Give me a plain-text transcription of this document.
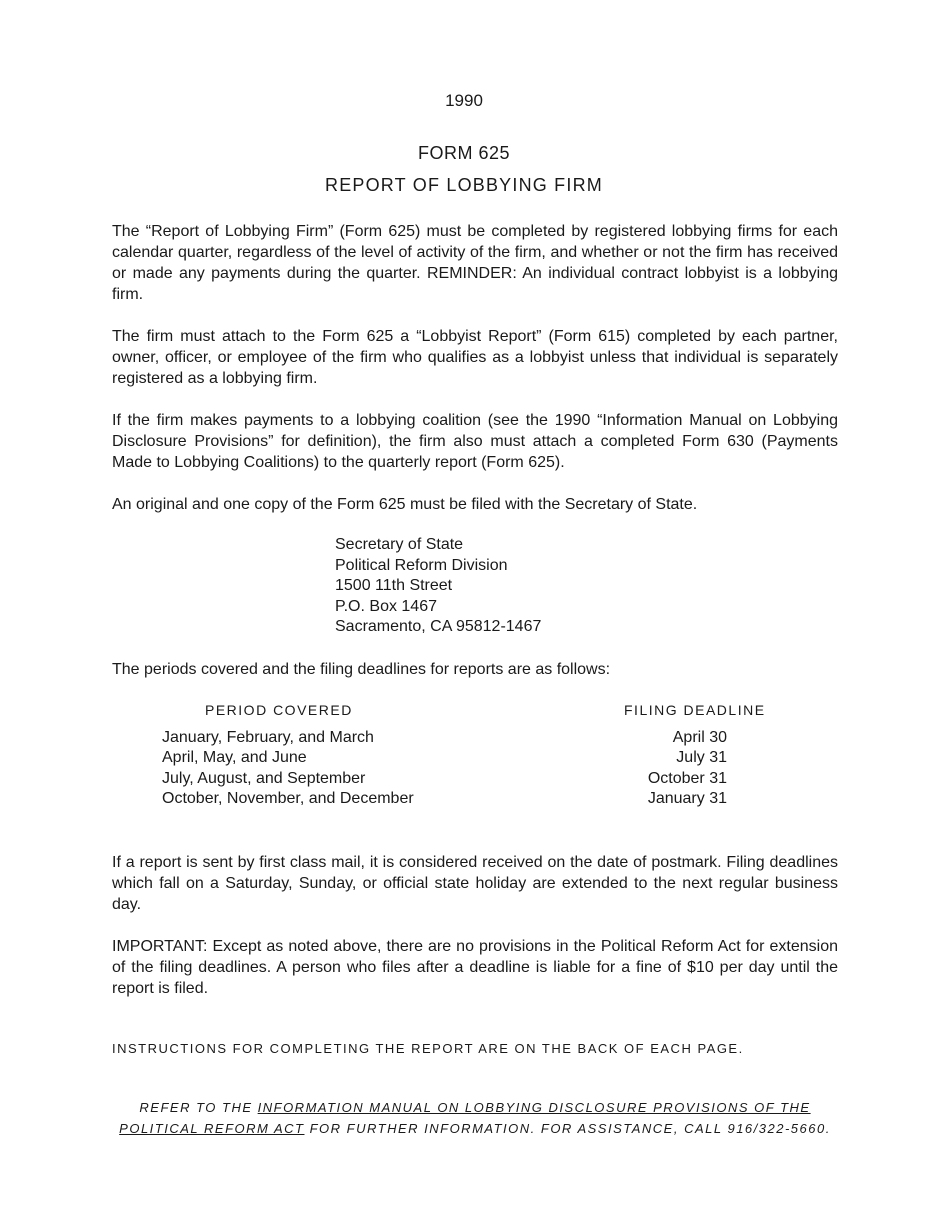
1990
FORM 625
REPORT OF LOBBYING FIRM

The “Report of Lobbying Firm” (Form 625) must be completed by registered lobbying firms for each calendar quarter, regardless of the level of activity of the firm, and whether or not the firm has received or made any payments during the quarter. REMINDER: An individual contract lobbyist is a lobbying firm.

The firm must attach to the Form 625 a “Lobbyist Report” (Form 615) completed by each partner, owner, officer, or employee of the firm who qualifies as a lobbyist unless that individual is separately registered as a lobbying firm.

If the firm makes payments to a lobbying coalition (see the 1990 “Information Manual on Lobbying Disclosure Provisions” for definition), the firm also must attach a completed Form 630 (Payments Made to Lobbying Coalitions) to the quarterly report (Form 625).

An original and one copy of the Form 625 must be filed with the Secretary of State.

Secretary of State
Political Reform Division
1500 11th Street
P.O. Box 1467
Sacramento, CA 95812-1467

The periods covered and the filing deadlines for reports are as follows:

PERIOD COVERED	FILING DEADLINE
January, February, and March	April 30
April, May, and June	July 31
July, August, and September	October 31
October, November, and December	January 31

If a report is sent by first class mail, it is considered received on the date of postmark. Filing deadlines which fall on a Saturday, Sunday, or official state holiday are extended to the next regular business day.

IMPORTANT: Except as noted above, there are no provisions in the Political Reform Act for extension of the filing deadlines. A person who files after a deadline is liable for a fine of $10 per day until the report is filed.

INSTRUCTIONS FOR COMPLETING THE REPORT ARE ON THE BACK OF EACH PAGE.
REFER TO THE INFORMATION MANUAL ON LOBBYING DISCLOSURE PROVISIONS OF THE
POLITICAL REFORM ACT FOR FURTHER INFORMATION. FOR ASSISTANCE, CALL 916/322-5660.
